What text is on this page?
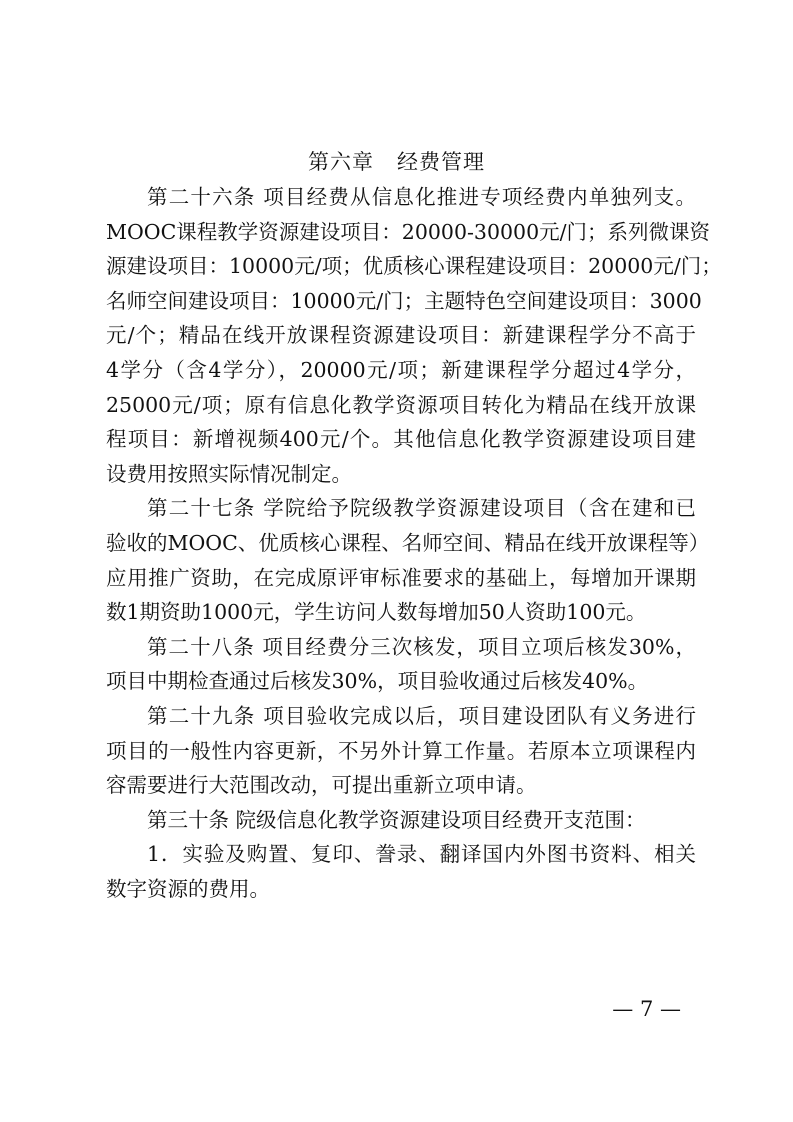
第六章   经费管理
第二十六条 项目经费从信息化推进专项经费内单独列支。
MOOC课程教学资源建设项目：20000-30000元/门；系列微课资
源建设项目：10000元/项；优质核心课程建设项目：20000元/门；
名师空间建设项目：10000元/门；主题特色空间建设项目：3000
元/个；精品在线开放课程资源建设项目：新建课程学分不高于
4学分（含4学分），20000元/项；新建课程学分超过4学分，
25000元/项；原有信息化教学资源项目转化为精品在线开放课
程项目：新增视频400元/个。其他信息化教学资源建设项目建
设费用按照实际情况制定。
第二十七条 学院给予院级教学资源建设项目（含在建和已
验收的MOOC、优质核心课程、名师空间、精品在线开放课程等）
应用推广资助，在完成原评审标准要求的基础上，每增加开课期
数1期资助1000元，学生访问人数每增加50人资助100元。
第二十八条 项目经费分三次核发，项目立项后核发30%，
项目中期检查通过后核发30%，项目验收通过后核发40%。
第二十九条 项目验收完成以后，项目建设团队有义务进行
项目的一般性内容更新，不另外计算工作量。若原本立项课程内
容需要进行大范围改动，可提出重新立项申请。
第三十条 院级信息化教学资源建设项目经费开支范围：
1．实验及购置、复印、誊录、翻译国内外图书资料、相关
数字资源的费用。
— 7 —
